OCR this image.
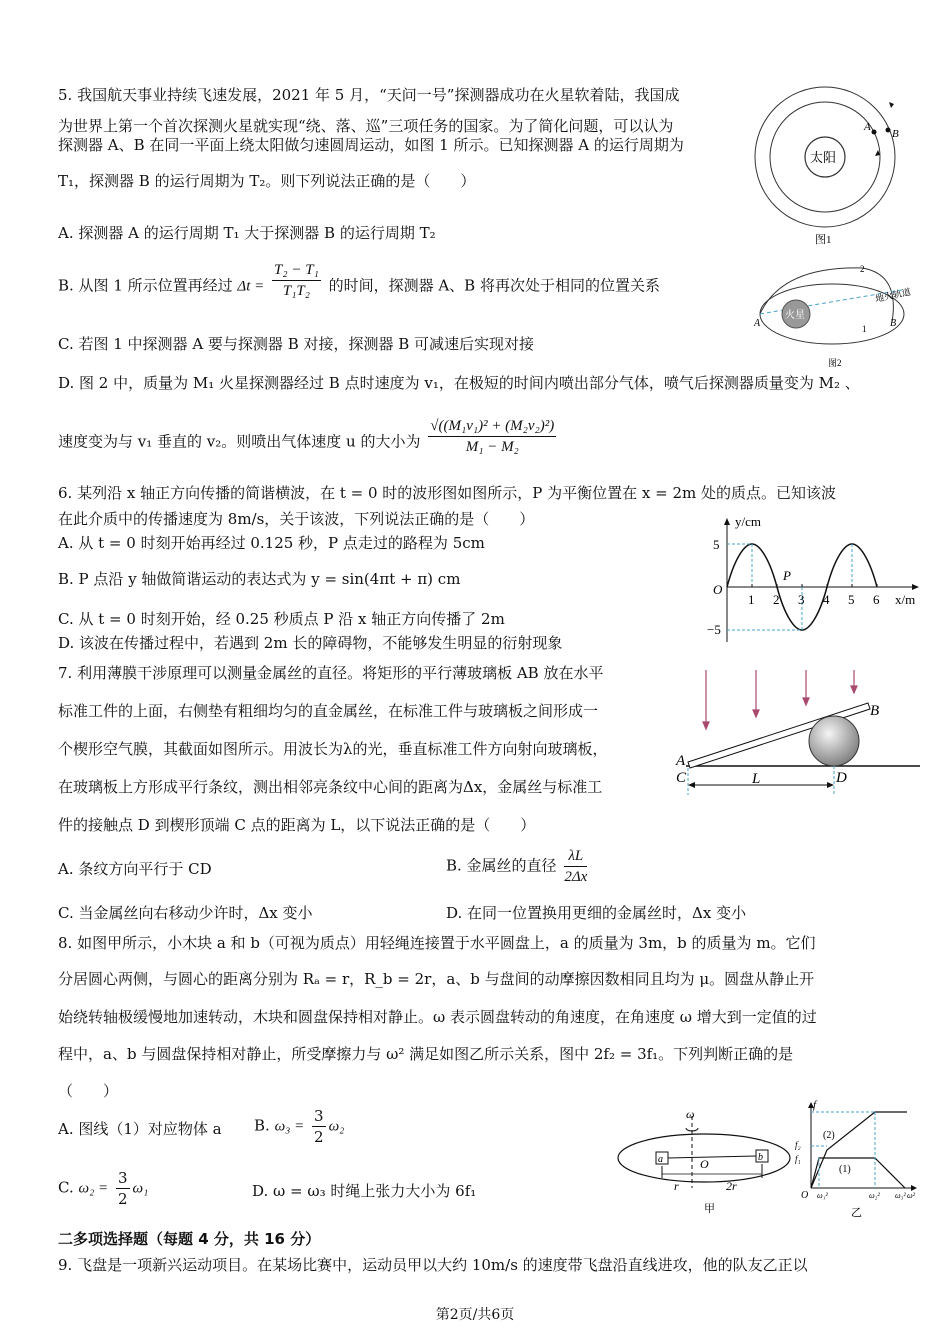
5. 我国航天事业持续飞速发展，2021 年 5 月，“天问一号”探测器成功在火星软着陆，我国成
为世界上第一个首次探测火星就实现“绕、落、巡”三项任务的国家。为了简化问题，可以认为
探测器 A、B 在同一平面上绕太阳做匀速圆周运动，如图 1 所示。已知探测器 A 的运行周期为
T₁，探测器 B 的运行周期为 T₂。则下列说法正确的是（　　）
A. 探测器 A 的运行周期 T₁ 大于探测器 B 的运行周期 T₂
B. 从图 1 所示位置再经过 $\Delta t = \frac{\text{T₂ − T₁}}{\text{T₁T₂}}$ 的时间，探测器 A、B 将再次处于相同的位置关系
C. 若图 1 中探测器 A 要与探测器 B 对接，探测器 B 可减速后实现对接
D. 图 2 中，质量为 M₁ 火星探测器经过 B 点时速度为 v₁，在极短的时间内喷出部分气体，喷气后探测器质量变为 M₂ 、
速度变为与 v₁ 垂直的 v₂。则喷出气体速度 u 的大小为 $\frac{\text{√((M₁v₁)² + (M₂v₂)²)}}{\text{M₁ − M₂}}$
太阳
A
B
图1
火星
A	B
1
2
地火轨道
图2
6. 某列沿 x 轴正方向传播的简谐横波，在 t = 0 时的波形图如图所示，P 为平衡位置在 x = 2m 处的质点。已知该波
在此介质中的传播速度为 8m/s，关于该波，下列说法正确的是（　　）
A. 从 t = 0 时刻开始再经过 0.125 秒，P 点走过的路程为 5cm
B. P 点沿 y 轴做简谐运动的表达式为 y = sin(4πt + π) cm
C. 从 t = 0 时刻开始，经 0.25 秒质点 P 沿 x 轴正方向传播了 2m
D. 该波在传播过程中，若遇到 2m 长的障碍物，不能够发生明显的衍射现象
y/cm
x/m
O
5
−5
P
1 2 3 4 5 6
7. 利用薄膜干涉原理可以测量金属丝的直径。将矩形的平行薄玻璃板 AB 放在水平
标准工件的上面，右侧垫有粗细均匀的直金属丝，在标准工件与玻璃板之间形成一
个楔形空气膜，其截面如图所示。用波长为λ的光，垂直标准工件方向射向玻璃板，
在玻璃板上方形成平行条纹，测出相邻亮条纹中心间的距离为Δx，金属丝与标准工
件的接触点 D 到楔形顶端 C 点的距离为 L，以下说法正确的是（　　）
A. 条纹方向平行于 CD	B. 金属丝的直径 $\frac{\lambda L}{2\Delta x}$
C. 当金属丝向右移动少许时，Δx 变小	D. 在同一位置换用更细的金属丝时，Δx 变小
A
B
C	D
L
8. 如图甲所示，小木块 a 和 b（可视为质点）用轻绳连接置于水平圆盘上，a 的质量为 3m，b 的质量为 m。它们
分居圆心两侧，与圆心的距离分别为 Rₐ = r，R_b = 2r，a、b 与盘间的动摩擦因数相同且均为 μ。圆盘从静止开
始绕转轴极缓慢地加速转动，木块和圆盘保持相对静止。ω 表示圆盘转动的角速度，在角速度 ω 增大到一定值的过
程中，a、b 与圆盘保持相对静止，所受摩擦力与 ω² 满足如图乙所示关系，图中 2f₂ = 3f₁。下列判断正确的是
（　　）
A. 图线（1）对应物体 a B. $\omega_3 = \frac{3}{2} \omega_2$
C. $\omega_2 = \frac{3}{2} \omega_1$	D. ω = ω₃ 时绳上张力大小为 6f₁
ω
a	b
O
r	2r
甲
f
f₂
f₁
(2)
(1)
O ω₁²	ω₂² ω₃² ω²
乙
二多项选择题（每题 4 分，共 16 分）
9. 飞盘是一项新兴运动项目。在某场比赛中，运动员甲以大约 10m/s 的速度带飞盘沿直线进攻，他的队友乙正以
第2页/共6页
